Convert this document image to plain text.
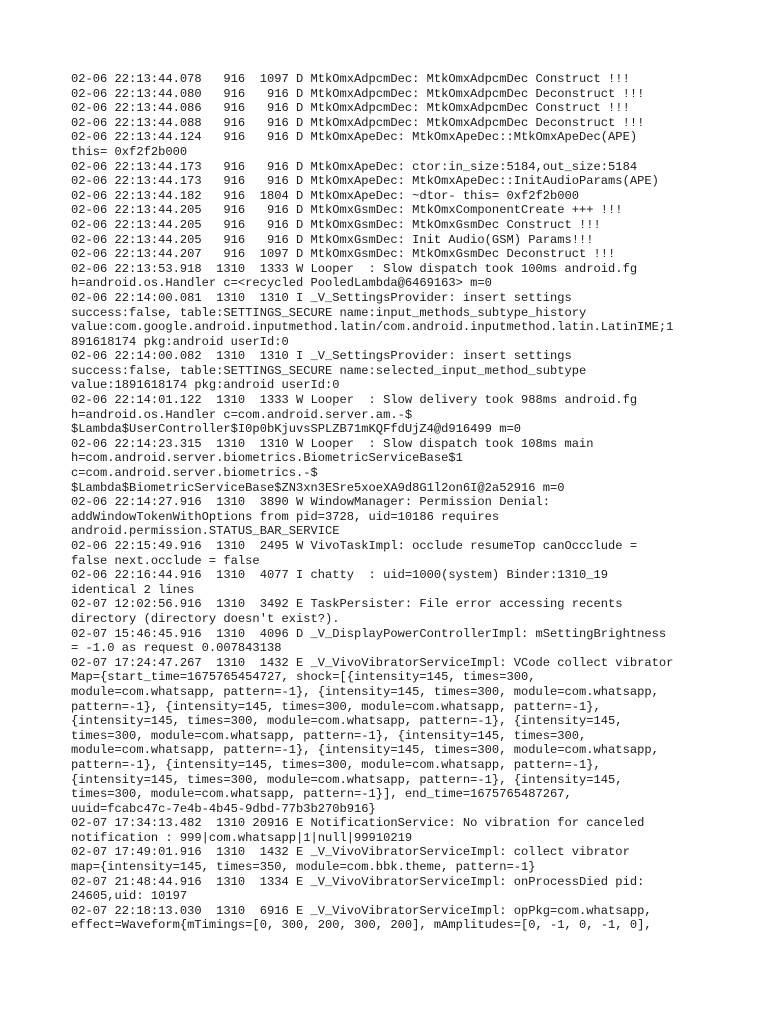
02-06 22:13:44.078   916  1097 D MtkOmxAdpcmDec: MtkOmxAdpcmDec Construct !!!
02-06 22:13:44.080   916   916 D MtkOmxAdpcmDec: MtkOmxAdpcmDec Deconstruct !!!
02-06 22:13:44.086   916   916 D MtkOmxAdpcmDec: MtkOmxAdpcmDec Construct !!!
02-06 22:13:44.088   916   916 D MtkOmxAdpcmDec: MtkOmxAdpcmDec Deconstruct !!!
02-06 22:13:44.124   916   916 D MtkOmxApeDec: MtkOmxApeDec::MtkOmxApeDec(APE)
this= 0xf2f2b000
02-06 22:13:44.173   916   916 D MtkOmxApeDec: ctor:in_size:5184,out_size:5184
02-06 22:13:44.173   916   916 D MtkOmxApeDec: MtkOmxApeDec::InitAudioParams(APE)
02-06 22:13:44.182   916  1804 D MtkOmxApeDec: ~dtor- this= 0xf2f2b000
02-06 22:13:44.205   916   916 D MtkOmxGsmDec: MtkOmxComponentCreate +++ !!!
02-06 22:13:44.205   916   916 D MtkOmxGsmDec: MtkOmxGsmDec Construct !!!
02-06 22:13:44.205   916   916 D MtkOmxGsmDec: Init Audio(GSM) Params!!!
02-06 22:13:44.207   916  1097 D MtkOmxGsmDec: MtkOmxGsmDec Deconstruct !!!
02-06 22:13:53.918  1310  1333 W Looper  : Slow dispatch took 100ms android.fg
h=android.os.Handler c=<recycled PooledLambda@6469163> m=0
02-06 22:14:00.081  1310  1310 I _V_SettingsProvider: insert settings
success:false, table:SETTINGS_SECURE name:input_methods_subtype_history
value:com.google.android.inputmethod.latin/com.android.inputmethod.latin.LatinIME;1
891618174 pkg:android userId:0
02-06 22:14:00.082  1310  1310 I _V_SettingsProvider: insert settings
success:false, table:SETTINGS_SECURE name:selected_input_method_subtype
value:1891618174 pkg:android userId:0
02-06 22:14:01.122  1310  1333 W Looper  : Slow delivery took 988ms android.fg
h=android.os.Handler c=com.android.server.am.-$
$Lambda$UserController$I0p0bKjuvsSPLZB71mKQFfdUjZ4@d916499 m=0
02-06 22:14:23.315  1310  1310 W Looper  : Slow dispatch took 108ms main
h=com.android.server.biometrics.BiometricServiceBase$1
c=com.android.server.biometrics.-$
$Lambda$BiometricServiceBase$ZN3xn3ESre5xoeXA9d8G1l2on6I@2a52916 m=0
02-06 22:14:27.916  1310  3890 W WindowManager: Permission Denial:
addWindowTokenWithOptions from pid=3728, uid=10186 requires
android.permission.STATUS_BAR_SERVICE
02-06 22:15:49.916  1310  2495 W VivoTaskImpl: occlude resumeTop canOccclude =
false next.occlude = false
02-06 22:16:44.916  1310  4077 I chatty  : uid=1000(system) Binder:1310_19
identical 2 lines
02-07 12:02:56.916  1310  3492 E TaskPersister: File error accessing recents
directory (directory doesn't exist?).
02-07 15:46:45.916  1310  4096 D _V_DisplayPowerControllerImpl: mSettingBrightness
= -1.0 as request 0.007843138
02-07 17:24:47.267  1310  1432 E _V_VivoVibratorServiceImpl: VCode collect vibrator
Map={start_time=1675765454727, shock=[{intensity=145, times=300,
module=com.whatsapp, pattern=-1}, {intensity=145, times=300, module=com.whatsapp,
pattern=-1}, {intensity=145, times=300, module=com.whatsapp, pattern=-1},
{intensity=145, times=300, module=com.whatsapp, pattern=-1}, {intensity=145,
times=300, module=com.whatsapp, pattern=-1}, {intensity=145, times=300,
module=com.whatsapp, pattern=-1}, {intensity=145, times=300, module=com.whatsapp,
pattern=-1}, {intensity=145, times=300, module=com.whatsapp, pattern=-1},
{intensity=145, times=300, module=com.whatsapp, pattern=-1}, {intensity=145,
times=300, module=com.whatsapp, pattern=-1}], end_time=1675765487267,
uuid=fcabc47c-7e4b-4b45-9dbd-77b3b270b916}
02-07 17:34:13.482  1310 20916 E NotificationService: No vibration for canceled
notification : 999|com.whatsapp|1|null|99910219
02-07 17:49:01.916  1310  1432 E _V_VivoVibratorServiceImpl: collect vibrator
map={intensity=145, times=350, module=com.bbk.theme, pattern=-1}
02-07 21:48:44.916  1310  1334 E _V_VivoVibratorServiceImpl: onProcessDied pid:
24605,uid: 10197
02-07 22:18:13.030  1310  6916 E _V_VivoVibratorServiceImpl: opPkg=com.whatsapp,
effect=Waveform{mTimings=[0, 300, 200, 300, 200], mAmplitudes=[0, -1, 0, -1, 0],
